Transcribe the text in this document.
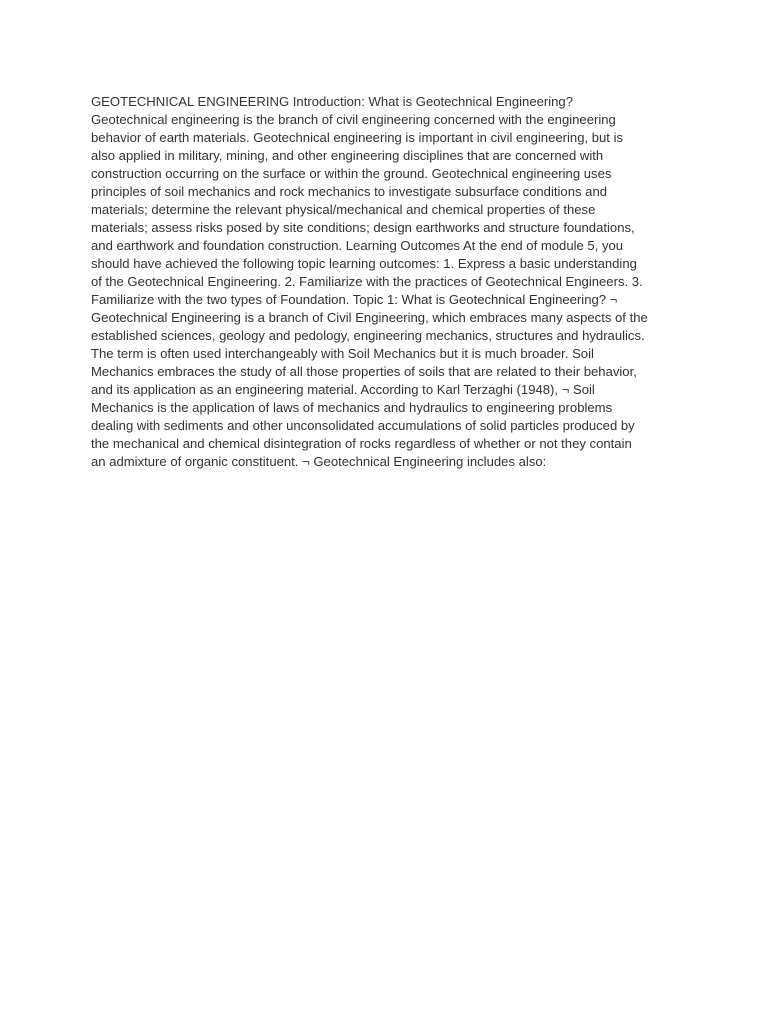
GEOTECHNICAL ENGINEERING Introduction: What is Geotechnical Engineering?
Geotechnical engineering is the branch of civil engineering concerned with the engineering
behavior of earth materials. Geotechnical engineering is important in civil engineering, but is
also applied in military, mining, and other engineering disciplines that are concerned with
construction occurring on the surface or within the ground. Geotechnical engineering uses
principles of soil mechanics and rock mechanics to investigate subsurface conditions and
materials; determine the relevant physical/mechanical and chemical properties of these
materials; assess risks posed by site conditions; design earthworks and structure foundations,
and earthwork and foundation construction. Learning Outcomes At the end of module 5, you
should have achieved the following topic learning outcomes: 1. Express a basic understanding
of the Geotechnical Engineering. 2. Familiarize with the practices of Geotechnical Engineers. 3.
Familiarize with the two types of Foundation. Topic 1: What is Geotechnical Engineering? ¬
Geotechnical Engineering is a branch of Civil Engineering, which embraces many aspects of the
established sciences, geology and pedology, engineering mechanics, structures and hydraulics.
The term is often used interchangeably with Soil Mechanics but it is much broader. Soil
Mechanics embraces the study of all those properties of soils that are related to their behavior,
and its application as an engineering material. According to Karl Terzaghi (1948), ¬ Soil
Mechanics is the application of laws of mechanics and hydraulics to engineering problems
dealing with sediments and other unconsolidated accumulations of solid particles produced by
the mechanical and chemical disintegration of rocks regardless of whether or not they contain
an admixture of organic constituent. ¬ Geotechnical Engineering includes also:
